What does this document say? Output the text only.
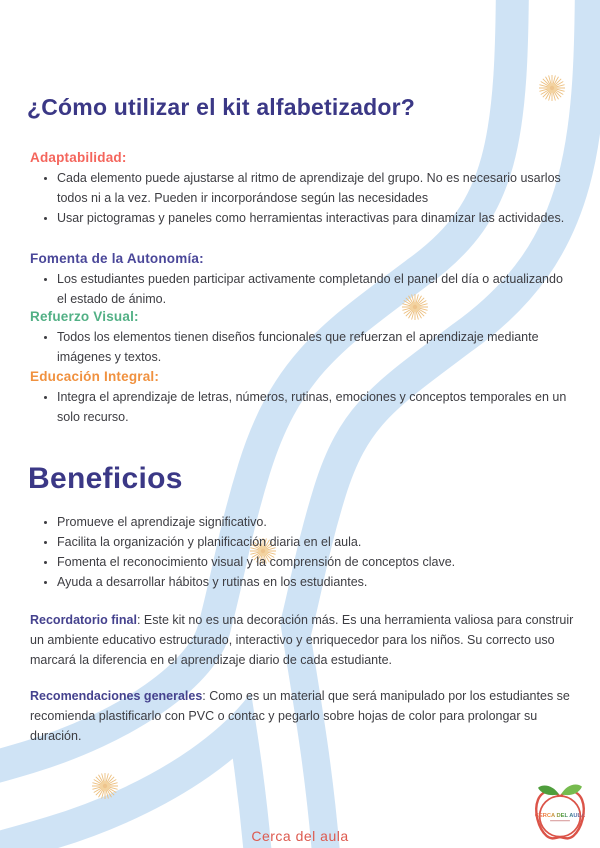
¿Cómo utilizar el kit alfabetizador?
Adaptabilidad:
• Cada elemento puede ajustarse al ritmo de aprendizaje del grupo. No es necesario usarlos todos ni a la vez. Pueden ir incorporándose según las necesidades
• Usar pictogramas y paneles como herramientas interactivas para dinamizar las actividades.
Fomenta de la Autonomía:
• Los estudiantes pueden participar activamente completando el panel del día o actualizando el estado de ánimo.
Refuerzo Visual:
• Todos los elementos tienen diseños funcionales que refuerzan el aprendizaje mediante imágenes y textos.
Educación Integral:
• Integra el aprendizaje de letras, números, rutinas, emociones y conceptos temporales en un solo recurso.
Beneficios
• Promueve el aprendizaje significativo.
• Facilita la organización y planificación diaria en el aula.
• Fomenta el reconocimiento visual y la comprensión de conceptos clave.
• Ayuda a desarrollar hábitos y rutinas en los estudiantes.

Recordatorio final: Este kit no es una decoración más. Es una herramienta valiosa para construir un ambiente educativo estructurado, interactivo y enriquecedor para los niños. Su correcto uso marcará la diferencia en el aprendizaje diario de cada estudiante.

Recomendaciones generales: Como es un material que será manipulado por los estudiantes se recomienda plastificarlo con PVC o contac y pegarlo sobre hojas de color para prolongar su duración.

Cerca del aula
CERCA DEL AULA
